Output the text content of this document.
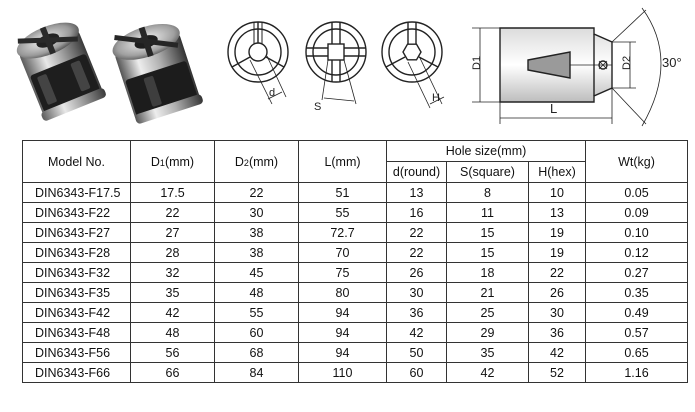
d
S
H
D1	D2
L
30°
Model No.	D1(mm)	D2(mm)	L(mm)	Hole size(mm)			Wt(kg)
				d(round)	S(square)	H(hex)	
DIN6343-F17.5	17.5	22	51	13	8	10	0.05
DIN6343-F22	22	30	55	16	11	13	0.09
DIN6343-F27	27	38	72.7	22	15	19	0.10
DIN6343-F28	28	38	70	22	15	19	0.12
DIN6343-F32	32	45	75	26	18	22	0.27
DIN6343-F35	35	48	80	30	21	26	0.35
DIN6343-F42	42	55	94	36	25	30	0.49
DIN6343-F48	48	60	94	42	29	36	0.57
DIN6343-F56	56	68	94	50	35	42	0.65
DIN6343-F66	66	84	110	60	42	52	1.16
